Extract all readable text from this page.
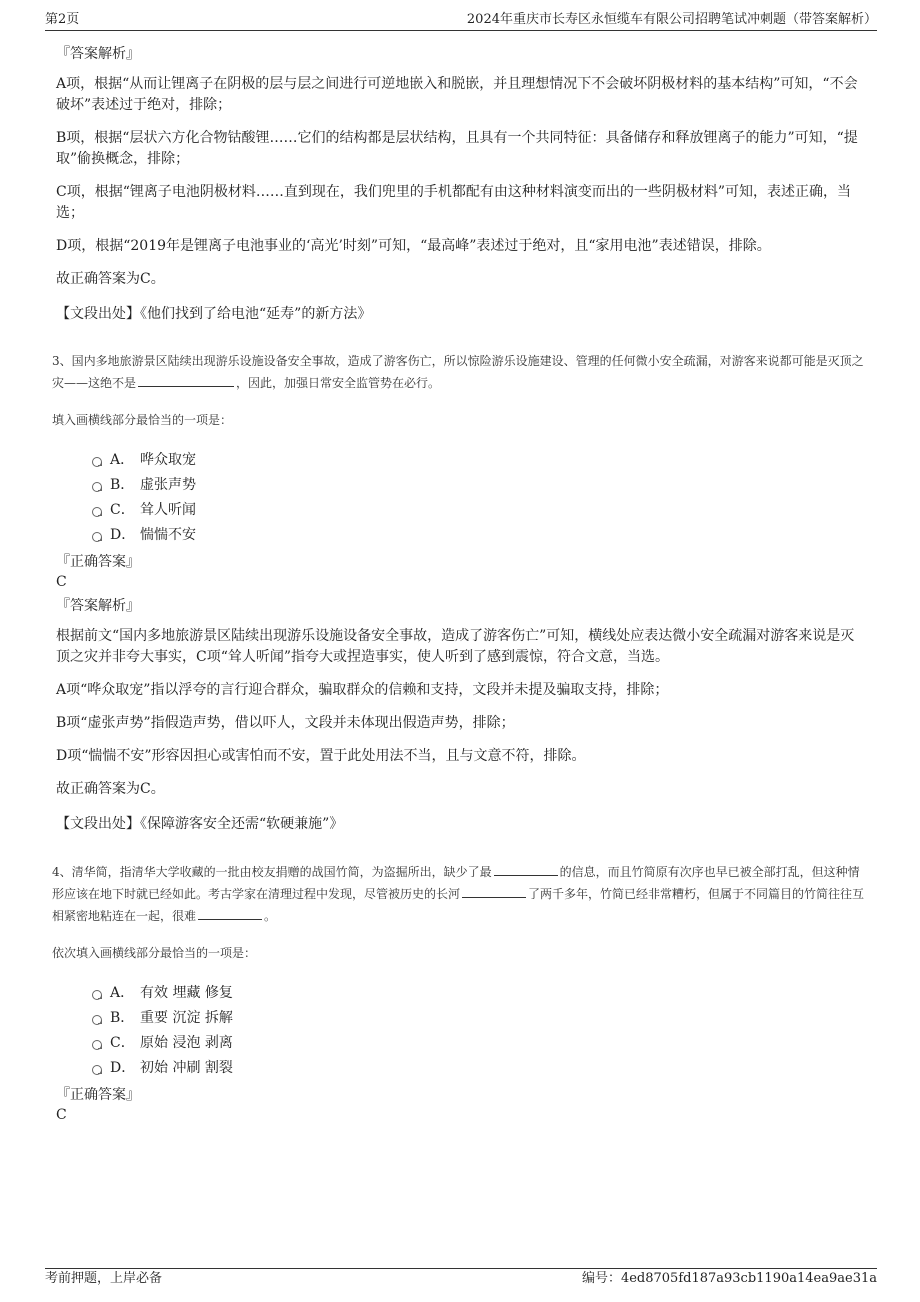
第2页	2024年重庆市长寿区永恒缆车有限公司招聘笔试冲刺题（带答案解析）
『答案解析』

A项，根据“从而让锂离子在阴极的层与层之间进行可逆地嵌入和脱嵌，并且理想情况下不会破坏阴极材料的基本结构”可知，“不会破坏”表述过于绝对，排除；

B项，根据“层状六方化合物钴酸锂……它们的结构都是层状结构，且具有一个共同特征：具备储存和释放锂离子的能力”可知，“提取”偷换概念，排除；

C项，根据“锂离子电池阴极材料……直到现在，我们兜里的手机都配有由这种材料演变而出的一些阴极材料”可知，表述正确，当选；

D项，根据“2019年是锂离子电池事业的‘高光’时刻”可知，“最高峰”表述过于绝对，且“家用电池”表述错误，排除。

故正确答案为C。

【文段出处】《他们找到了给电池“延寿”的新方法》

3、国内多地旅游景区陆续出现游乐设施设备安全事故，造成了游客伤亡，所以惊险游乐设施建设、管理的任何微小安全疏漏，对游客来说都可能是灭顶之灾——这绝不是	，因此，加强日常安全监管势在必行。

填入画横线部分最恰当的一项是：

A． 哗众取宠
B． 虚张声势
C． 耸人听闻
D． 惴惴不安
『正确答案』
C
『答案解析』

根据前文“国内多地旅游景区陆续出现游乐设施设备安全事故，造成了游客伤亡”可知，横线处应表达微小安全疏漏对游客来说是灭顶之灾并非夸大事实，C项“耸人听闻”指夸大或捏造事实，使人听到了感到震惊，符合文意，当选。

A项“哗众取宠”指以浮夸的言行迎合群众，骗取群众的信赖和支持，文段并未提及骗取支持，排除；

B项“虚张声势”指假造声势，借以吓人，文段并未体现出假造声势，排除；

D项“惴惴不安”形容因担心或害怕而不安，置于此处用法不当，且与文意不符，排除。

故正确答案为C。

【文段出处】《保障游客安全还需“软硬兼施”》

4、清华简，指清华大学收藏的一批由校友捐赠的战国竹简，为盗掘所出，缺少了最	的信息，而且竹简原有次序也早已被全部打乱，但这种情形应该在地下时就已经如此。考古学家在清理过程中发现，尽管被历史的长河	了两千多年，竹简已经非常糟朽，但属于不同篇目的竹简往往互相紧密地粘连在一起，很难	。

依次填入画横线部分最恰当的一项是：

A． 有效 埋藏 修复
B． 重要 沉淀 拆解
C． 原始 浸泡 剥离
D． 初始 冲刷 割裂
『正确答案』
C
考前押题，上岸必备	编号：4ed8705fd187a93cb1190a14ea9ae31a
